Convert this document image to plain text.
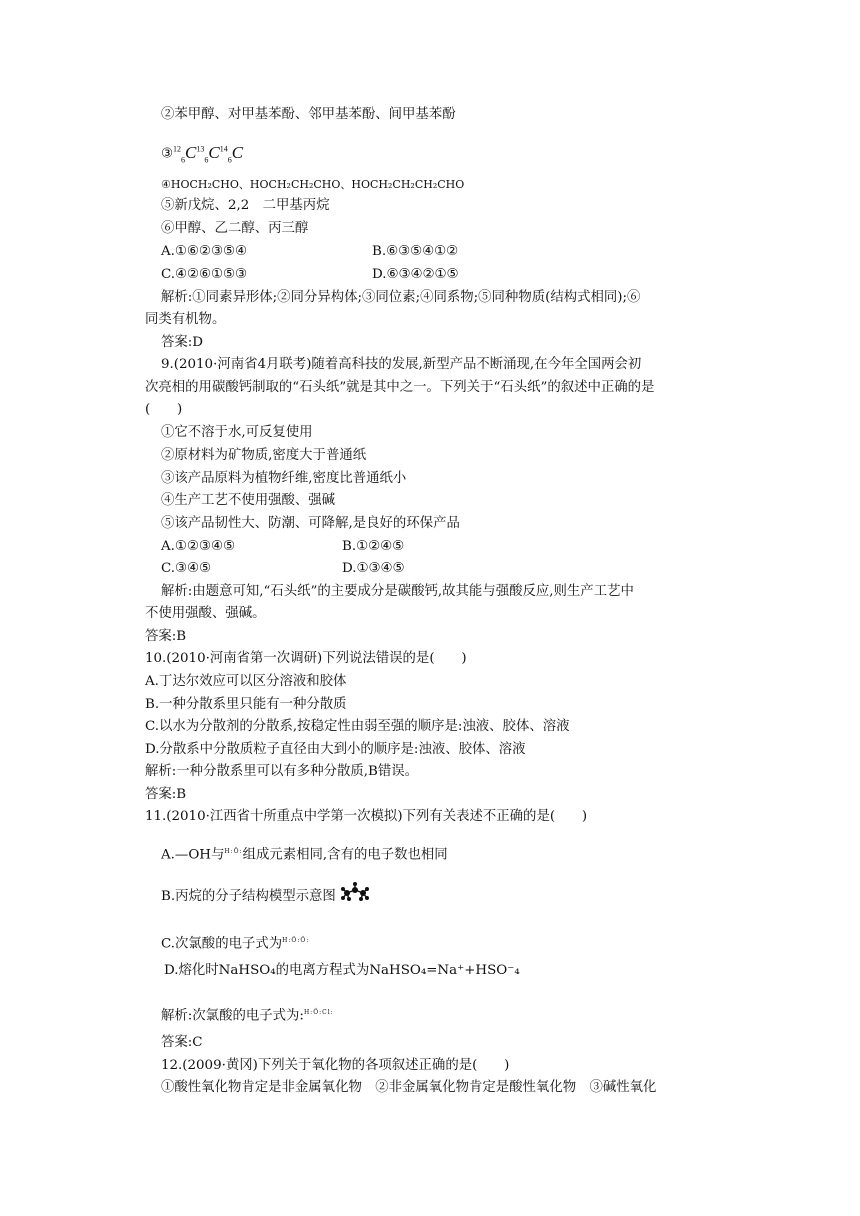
②苯甲醇、对甲基苯酚、邻甲基苯酚、间甲基苯酚
$③^{12}_6C^{13}_6C^{14}_6C$
④HOCH₂CHO、HOCH₂CH₂CHO、HOCH₂CH₂CH₂CHO
⑤新戊烷、2,2　二甲基丙烷
⑥甲醇、乙二醇、丙三醇
A.①⑥②③⑤④	B.⑥③⑤④①②
C.④②⑥①⑤③	D.⑥③④②①⑤
解析:①同素异形体;②同分异构体;③同位素;④同系物;⑤同种物质(结构式相同);⑥
同类有机物。
答案:D
9.(2010·河南省4月联考)随着高科技的发展,新型产品不断涌现,在今年全国两会初
次亮相的用碳酸钙制取的“石头纸”就是其中之一。下列关于“石头纸”的叙述中正确的是
(　　)
①它不溶于水,可反复使用
②原材料为矿物质,密度大于普通纸
③该产品原料为植物纤维,密度比普通纸小
④生产工艺不使用强酸、强碱
⑤该产品韧性大、防潮、可降解,是良好的环保产品
A.①②③④⑤	B.①②④⑤
C.③④⑤	D.①③④⑤
解析:由题意可知,“石头纸”的主要成分是碳酸钙,故其能与强酸反应,则生产工艺中
不使用强酸、强碱。
答案:B
10.(2010·河南省第一次调研)下列说法错误的是(　　)
A.丁达尔效应可以区分溶液和胶体
B.一种分散系里只能有一种分散质
C.以水为分散剂的分散系,按稳定性由弱至强的顺序是:浊液、胶体、溶液
D.分散系中分散质粒子直径由大到小的顺序是:浊液、胶体、溶液
解析:一种分散系里可以有多种分散质,B错误。
答案:B
11.(2010·江西省十所重点中学第一次模拟)下列有关表述不正确的是(　　)
A.—OH与$^{H:Ö:}$组成元素相同,含有的电子数也相同
B.丙烷的分子结构模型示意图
C.次氯酸的电子式为$^{H:Ö:Ö:}$
D.熔化时NaHSO₄的电离方程式为NaHSO₄=Na⁺+HSO⁻₄
解析:次氯酸的电子式为:$^{H:Ö:Cl:}$
答案:C
12.(2009·黄冈)下列关于氧化物的各项叙述正确的是(　　)
①酸性氧化物肯定是非金属氧化物　②非金属氧化物肯定是酸性氧化物　③碱性氧化
